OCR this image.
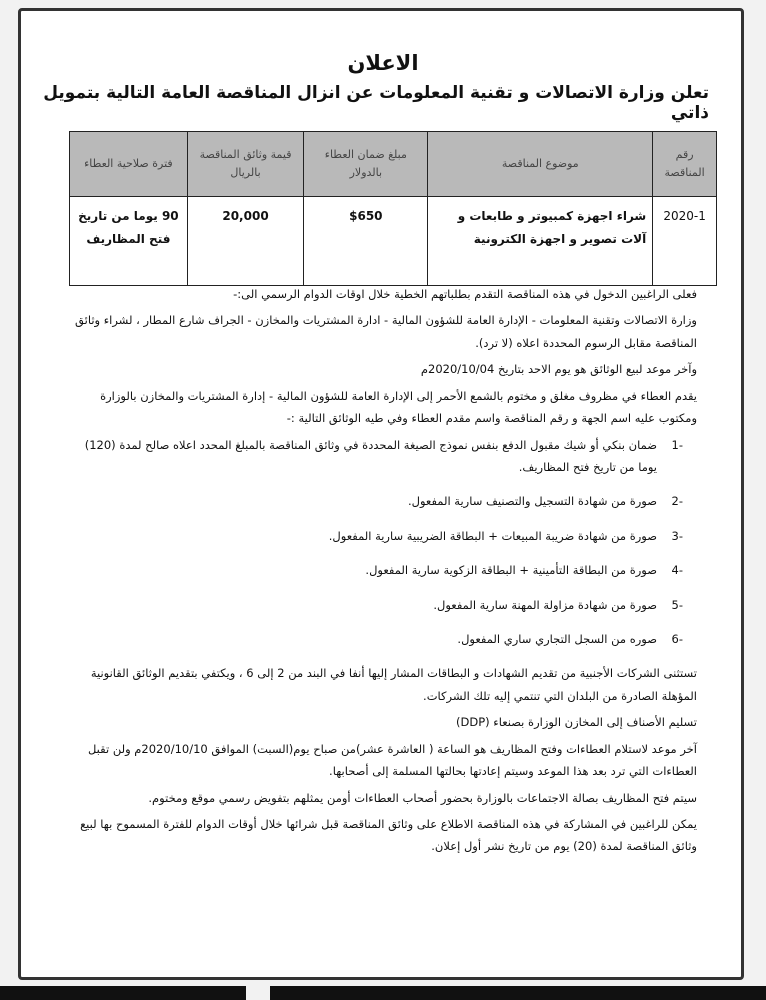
الاعلان
تعلن وزارة الاتصالات و تقنية المعلومات عن انزال المناقصة العامة التالية بتمويل ذاتي
رقم المناقصة	موضوع المناقصة	مبلغ ضمان العطاء بالدولار	قيمة وثائق المناقصة بالريال	فترة صلاحية العطاء
2020-1	شراء اجهزة كمبيوتر و طابعات و آلات تصوير و اجهزة الكترونية	$650	20,000	90 يوما من تاريخ فتح المظاريف

فعلى الراغبين الدخول في هذه المناقصة التقدم بطلباتهم الخطية خلال اوقات الدوام الرسمي الى:-

وزارة الاتصالات وتقنية المعلومات - الإدارة العامة للشؤون المالية - ادارة المشتريات والمخازن - الجراف شارع المطار ، لشراء وثائق المناقصة مقابل الرسوم المحددة اعلاه (لا ترد).

وآخر موعد لبيع الوثائق هو يوم الاحد بتاريخ 2020/10/04م

يقدم العطاء في مظروف مغلق و مختوم بالشمع الأحمر إلى الإدارة العامة للشؤون المالية - إدارة المشتريات والمخازن بالوزارة ومكتوب عليه اسم الجهة و رقم المناقصة واسم مقدم العطاء وفي طيه الوثائق التالية :-

-1
ضمان بنكي أو شيك مقبول الدفع بنفس نموذج الصيغة المحددة في وثائق المناقصة بالمبلغ المحدد اعلاه صالح لمدة (120) يوما من تاريخ فتح المظاريف.
-2
صورة من شهادة التسجيل والتصنيف سارية المفعول.
-3
صورة من شهادة ضريبة المبيعات + البطاقة الضريبية سارية المفعول.
-4
صورة من البطاقة التأمينية + البطاقة الزكوية سارية المفعول.
-5
صورة من شهادة مزاولة المهنة سارية المفعول.
-6
صوره من السجل التجاري ساري المفعول.

تستثنى الشركات الأجنبية من تقديم الشهادات و البطاقات المشار إليها أنفا في البند من 2 إلى 6 ، ويكتفي بتقديم الوثائق القانونية المؤهلة الصادرة من البلدان التي تنتمي إليه تلك الشركات.

تسليم الأصناف إلى المخازن الوزارة بصنعاء (DDP)

آخر موعد لاستلام العطاءات وفتح المظاريف هو الساعة ( العاشرة عشر)من صباح يوم(السبت) الموافق 2020/10/10م ولن تقبل العطاءات التي ترد بعد هذا الموعد وسيتم إعادتها بحالتها المسلمة إلى أصحابها.

سيتم فتح المظاريف بصالة الاجتماعات بالوزارة بحضور أصحاب العطاءات أومن يمثلهم بتفويض رسمي موقع ومختوم.

يمكن للراغبين في المشاركة في هذه المناقصة الاطلاع على وثائق المناقصة قبل شرائها خلال أوقات الدوام للفترة المسموح بها لبيع وثائق المناقصة لمدة (20) يوم من تاريخ نشر أول إعلان.
